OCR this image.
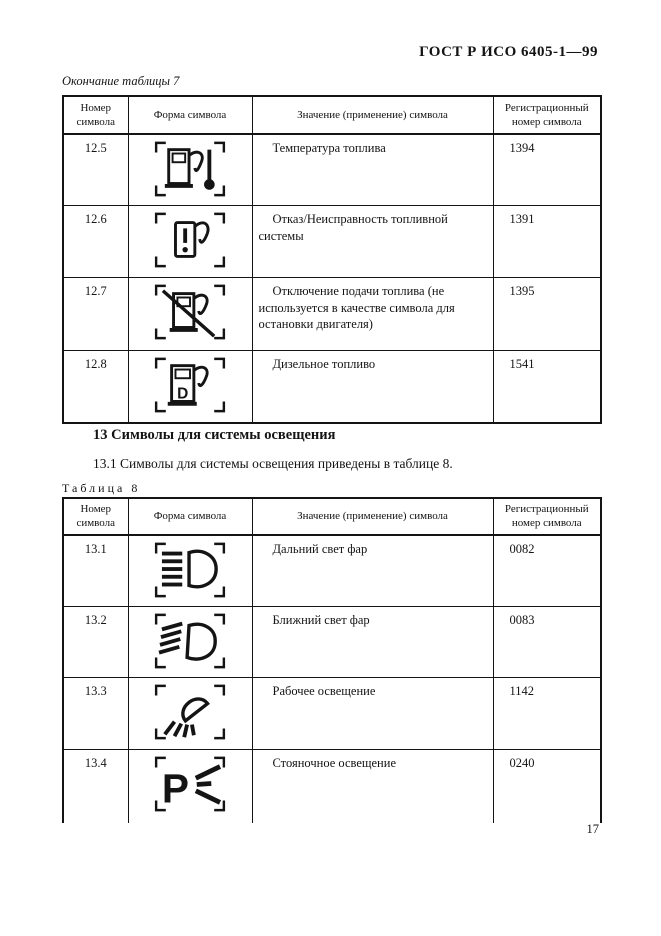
ГОСТ Р ИСО 6405-1—99
Окончание таблицы 7
Номер символа	Форма символа	Значение (применение) символа	Регистрационный номер символа
12.5		Температура топлива	1394
12.6		Отказ/Неисправность топливной системы	1391
12.7		Отключение подачи топлива (не используется в качестве символа для остановки двигателя)	1395
12.8	D	Дизельное топливо	1541
13 Символы для системы освещения
13.1 Символы для системы освещения приведены в таблице 8.
Таблица 8
Номер символа	Форма символа	Значение (применение) символа	Регистрационный номер символа
13.1		Дальний свет фар	0082
13.2		Ближний свет фар	0083
13.3		Рабочее освещение	1142
13.4	P	Стояночное освещение	0240
17
